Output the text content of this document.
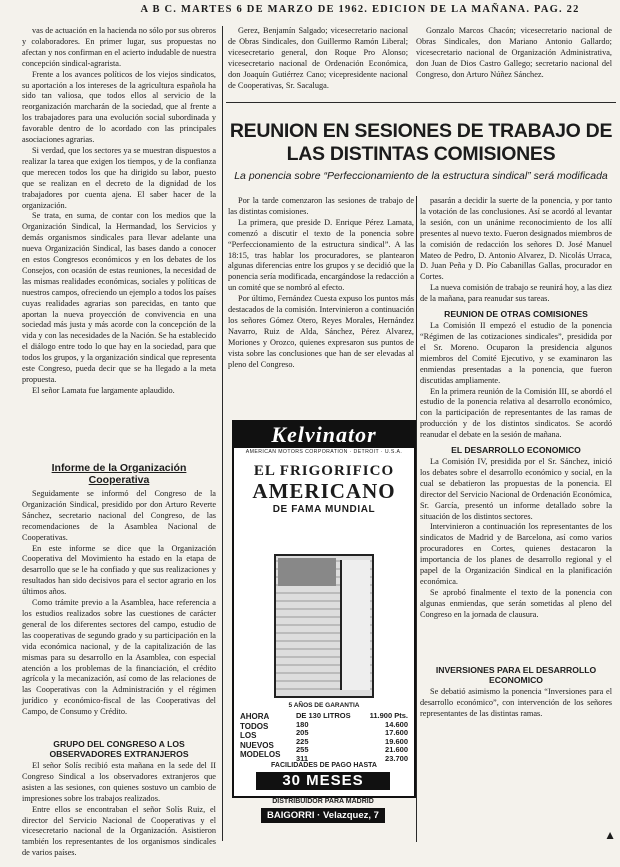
A B C. MARTES 6 DE MARZO DE 1962. EDICION DE LA MAÑANA. PAG. 22

vas de actuación en la hacienda no sólo por sus obreros y colaboradores. En primer lugar, sus propuestas no afectan y nos confirman en el acierto indudable de nuestra concepción sindical-agrarista.

Frente a los avances políticos de los viejos sindicatos, su aportación a los intereses de la agricultura española ha sido tan valiosa, que todos ellos al servicio de la reorganización marcharán de la sociedad, que al frente a los trabajadores para una evolución social subordinada y favorable dentro de lo acordado con las principales asociaciones agrarias.

Si verdad, que los sectores ya se muestran dispuestos a realizar la tarea que exigen los tiempos, y de la confianza que merecen todos los que ha dirigido su labor, puesto que se realizan en el decreto de la dignidad de los trabajadores por cuenta ajena. El saber hacer de la organización.

Se trata, en suma, de contar con los medios que la Organización Sindical, la Hermandad, los Servicios y demás organismos sindicales para llevar adelante una nueva Organización Sindical, las bases dando a conocer en estos Congresos económicos y en los debates de los Consejos, con ocasión de estas reuniones, la necesidad de las mismas realidades económicas, sociales y políticas de nuestros campos, ofreciendo un ejemplo a todos los países cuyas realidades agrarias son parecidas, en tanto que aportan la nueva proyección de convivencia en una sociedad más justa y más acorde con la concepción de la vida y con las necesidades de la Nación. Se ha establecido el diálogo entre todo lo que hay en la sociedad, para que todos los grupos, y la organización sindical que representa este Congreso, pueda decir que se ha llegado a la meta propuesta.

El señor Lamata fue largamente aplaudido.

Informe de la Organización Cooperativa

Seguidamente se informó del Congreso de la Organización Sindical, presidido por don Arturo Reverte Sánchez, secretario nacional del Congreso, de las recomendaciones de la Asamblea Nacional de Cooperativas.

En este informe se dice que la Organización Cooperativa del Movimiento ha estado en la etapa de desarrollo que se le ha confiado y que sus realizaciones y resultados han sido decisivos para el sector agrario en los últimos años.

Como trámite previo a la Asamblea, hace referencia a los estudios realizados sobre las cuestiones de carácter general de los diferentes sectores del campo, estudio de las cooperativas de segundo grado y su participación en la vida económica nacional, y de la capitalización de las mismas para su desarrollo en la Asamblea, con especial atención a los problemas de la financiación, el crédito agrícola y la mecanización, así como de las relaciones de las Cooperativas con la Administración y el régimen jurídico y económico-fiscal de las Cooperativas del Campo, de Consumo y Crédito.

GRUPO DEL CONGRESO A LOS OBSERVADORES EXTRANJEROS

El señor Solís recibió esta mañana en la sede del II Congreso Sindical a los observadores extranjeros que asisten a las sesiones, con quienes sostuvo un cambio de impresiones sobre los trabajos realizados.

Entre ellos se encontraban el señor Solís Ruiz, el director del Servicio Nacional de Cooperativas y el vicesecretario nacional de la Organización. Asistieron también los representantes de los organismos sindicales de varios países.

Gerez, Benjamín Salgado; vicesecretario nacional de Obras Sindicales, don Guillermo Ramón Liberal; vicesecretario general, don Roque Pro Alonso; vicesecretario nacional de Ordenación Económica, don Joaquín Gutiérrez Cano; vicepresidente nacional de Cooperativas, Sr. Sacaluga.

Gonzalo Marcos Chacón; vicesecretario nacional de Obras Sindicales, don Mariano Antonio Gallardo; vicesecretario nacional de Organización Administrativa, don Juan de Dios Castro Gallego; secretario nacional del Congreso, don Arturo Núñez Sánchez.

REUNION EN SESIONES DE TRABAJO DE LAS DISTINTAS COMISIONES

La ponencia sobre “Perfeccionamiento de la estructura sindical” será modificada

Por la tarde comenzaron las sesiones de trabajo de las distintas comisiones.

La primera, que preside D. Enrique Pérez Lamata, comenzó a discutir el texto de la ponencia sobre “Perfeccionamiento de la estructura sindical”. A las 18:15, tras hablar los procuradores, se plantearon algunas diferencias entre los grupos y se decidió que la ponencia sería modificada, encargándose la redacción a un comité que se nombró al efecto.

Por último, Fernández Cuesta expuso los puntos más destacados de la comisión. Intervinieron a continuación los señores Gómez Otero, Reyes Morales, Hernández Navarro, Ruiz de Alda, Sánchez, Pérez Alvarez, Moriones y Orozco, quienes expresaron sus puntos de vista sobre las conclusiones que han de ser elevadas al pleno del Congreso.

pasarán a decidir la suerte de la ponencia, y por tanto la votación de las conclusiones. Así se acordó al levantar la sesión, con un unánime reconocimiento de los allí presentes al nuevo texto. Fueron designados miembros de la comisión de redacción los señores D. José Manuel Mateo de Pedro, D. Antonio Alvarez, D. Nicolás Urraca, D. Juan Peña y D. Pío Cabanillas Gallas, procurador en Cortes.

La nueva comisión de trabajo se reunirá hoy, a las diez de la mañana, para reanudar sus tareas.

REUNION DE OTRAS COMISIONES

La Comisión II empezó el estudio de la ponencia “Régimen de las cotizaciones sindicales”, presidida por el Sr. Moreno. Ocuparon la presidencia algunos miembros del Comité Ejecutivo, y se examinaron las enmiendas presentadas a la ponencia, que fueron discutidas ampliamente.

En la primera reunión de la Comisión III, se abordó el estudio de la ponencia relativa al desarrollo económico, con la participación de representantes de las ramas de producción y de los distintos sindicatos. Se acordó reanudar el debate en la sesión de mañana.

EL DESARROLLO ECONOMICO

La Comisión IV, presidida por el Sr. Sánchez, inició los debates sobre el desarrollo económico y social, en la cual se debatieron las propuestas de la ponencia. El director del Servicio Nacional de Ordenación Económica, Sr. García, presentó un informe detallado sobre la situación de los distintos sectores.

Intervinieron a continuación los representantes de los sindicatos de Madrid y de Barcelona, así como varios procuradores en Cortes, quienes destacaron la importancia de los planes de desarrollo regional y el papel de la Organización Sindical en la planificación económica.

Se aprobó finalmente el texto de la ponencia con algunas enmiendas, que serán sometidas al pleno del Congreso en la jornada de clausura.

INVERSIONES PARA EL DESARROLLO ECONOMICO

Se debatió asimismo la ponencia “Inversiones para el desarrollo económico”, con intervención de los señores representantes de las distintas ramas.

Kelvinator
AMERICAN MOTORS CORPORATION · DETROIT · U.S.A.
EL FRIGORIFICO
AMERICANO
DE FAMA MUNDIAL
5 AÑOS DE GARANTIA
AHORA
TODOS
LOS
NUEVOS
MODELOS
DE 130 LITROS	11.900 Pts.
180	14.600
205	17.600
225	19.600
255	21.600
311	23.700
FACILIDADES DE PAGO HASTA
30 MESES
DISTRIBUIDOR PARA MADRID
BAIGORRI · Velazquez, 7
▲
